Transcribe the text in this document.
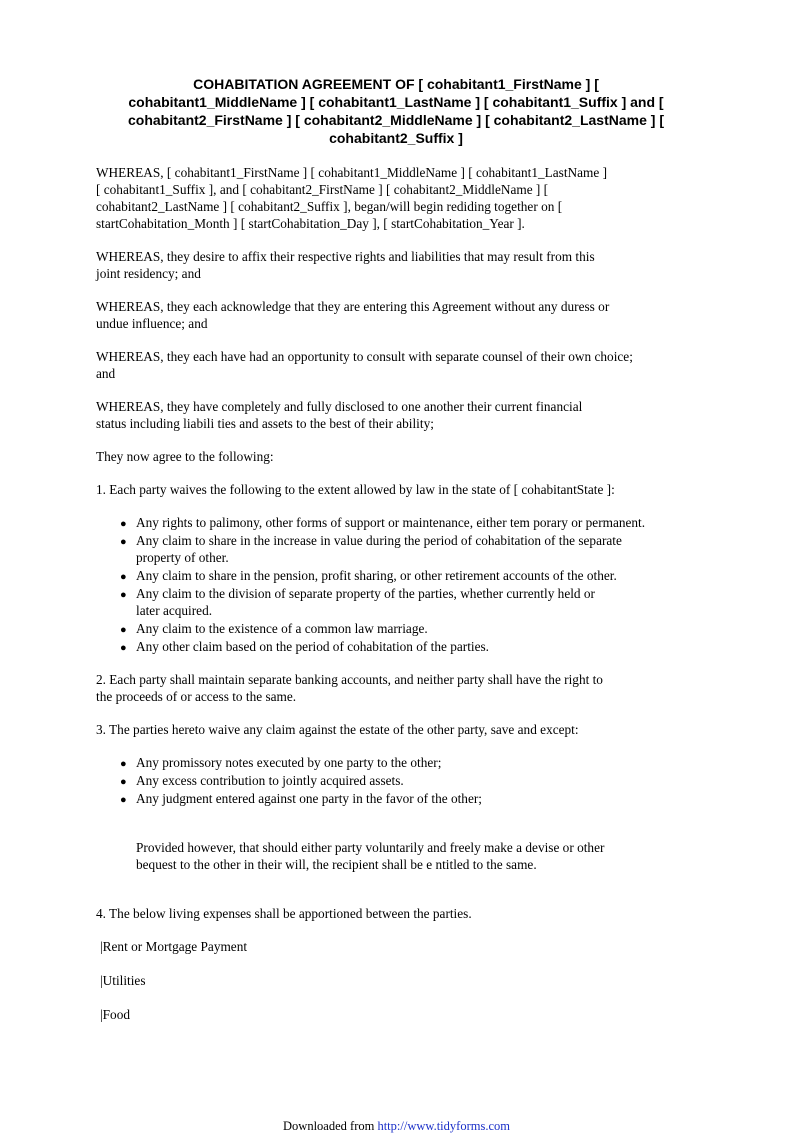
COHABITATION AGREEMENT OF [ cohabitant1_FirstName ] [
cohabitant1_MiddleName ] [ cohabitant1_LastName ] [ cohabitant1_Suffix ] and [
cohabitant2_FirstName ] [ cohabitant2_MiddleName ] [ cohabitant2_LastName ] [
cohabitant2_Suffix ]

WHEREAS, [ cohabitant1_FirstName ] [ cohabitant1_MiddleName ] [ cohabitant1_LastName ]
[ cohabitant1_Suffix ], and [ cohabitant2_FirstName ] [ cohabitant2_MiddleName ] [
cohabitant2_LastName ] [ cohabitant2_Suffix ], began/will begin rediding together on [
startCohabitation_Month ] [ startCohabitation_Day ], [ startCohabitation_Year ].

WHEREAS, they desire to affix their respective rights and liabilities that may result from this
joint residency; and

WHEREAS, they each acknowledge that they are entering this Agreement without any duress or
undue influence; and

WHEREAS, they each have had an opportunity to consult with separate counsel of their own choice;
and

WHEREAS, they have completely and fully disclosed to one another their current financial
status including liabili ties and assets to the best of their ability;

They now agree to the following:

1. Each party waives the following to the extent allowed by law in the state of [ cohabitantState ]:

● Any rights to palimony, other forms of support or maintenance, either tem porary or permanent.
● Any claim to share in the increase in value during the period of cohabitation of the separate
property of other.
● Any claim to share in the pension, profit sharing, or other retirement accounts of the other.
● Any claim to the division of separate property of the parties, whether currently held or
later acquired.
● Any claim to the existence of a common law marriage.
● Any other claim based on the period of cohabitation of the parties.

2. Each party shall maintain separate banking accounts, and neither party shall have the right to
the proceeds of or access to the same.

3. The parties hereto waive any claim against the estate of the other party, save and except:

● Any promissory notes executed by one party to the other;
● Any excess contribution to jointly acquired assets.
● Any judgment entered against one party in the favor of the other;

Provided however, that should either party voluntarily and freely make a devise or other
bequest to the other in their will, the recipient shall be e ntitled to the same.

4. The below living expenses shall be apportioned between the parties.

|Rent or Mortgage Payment

|Utilities

|Food

Downloaded from http://www.tidyforms.com
